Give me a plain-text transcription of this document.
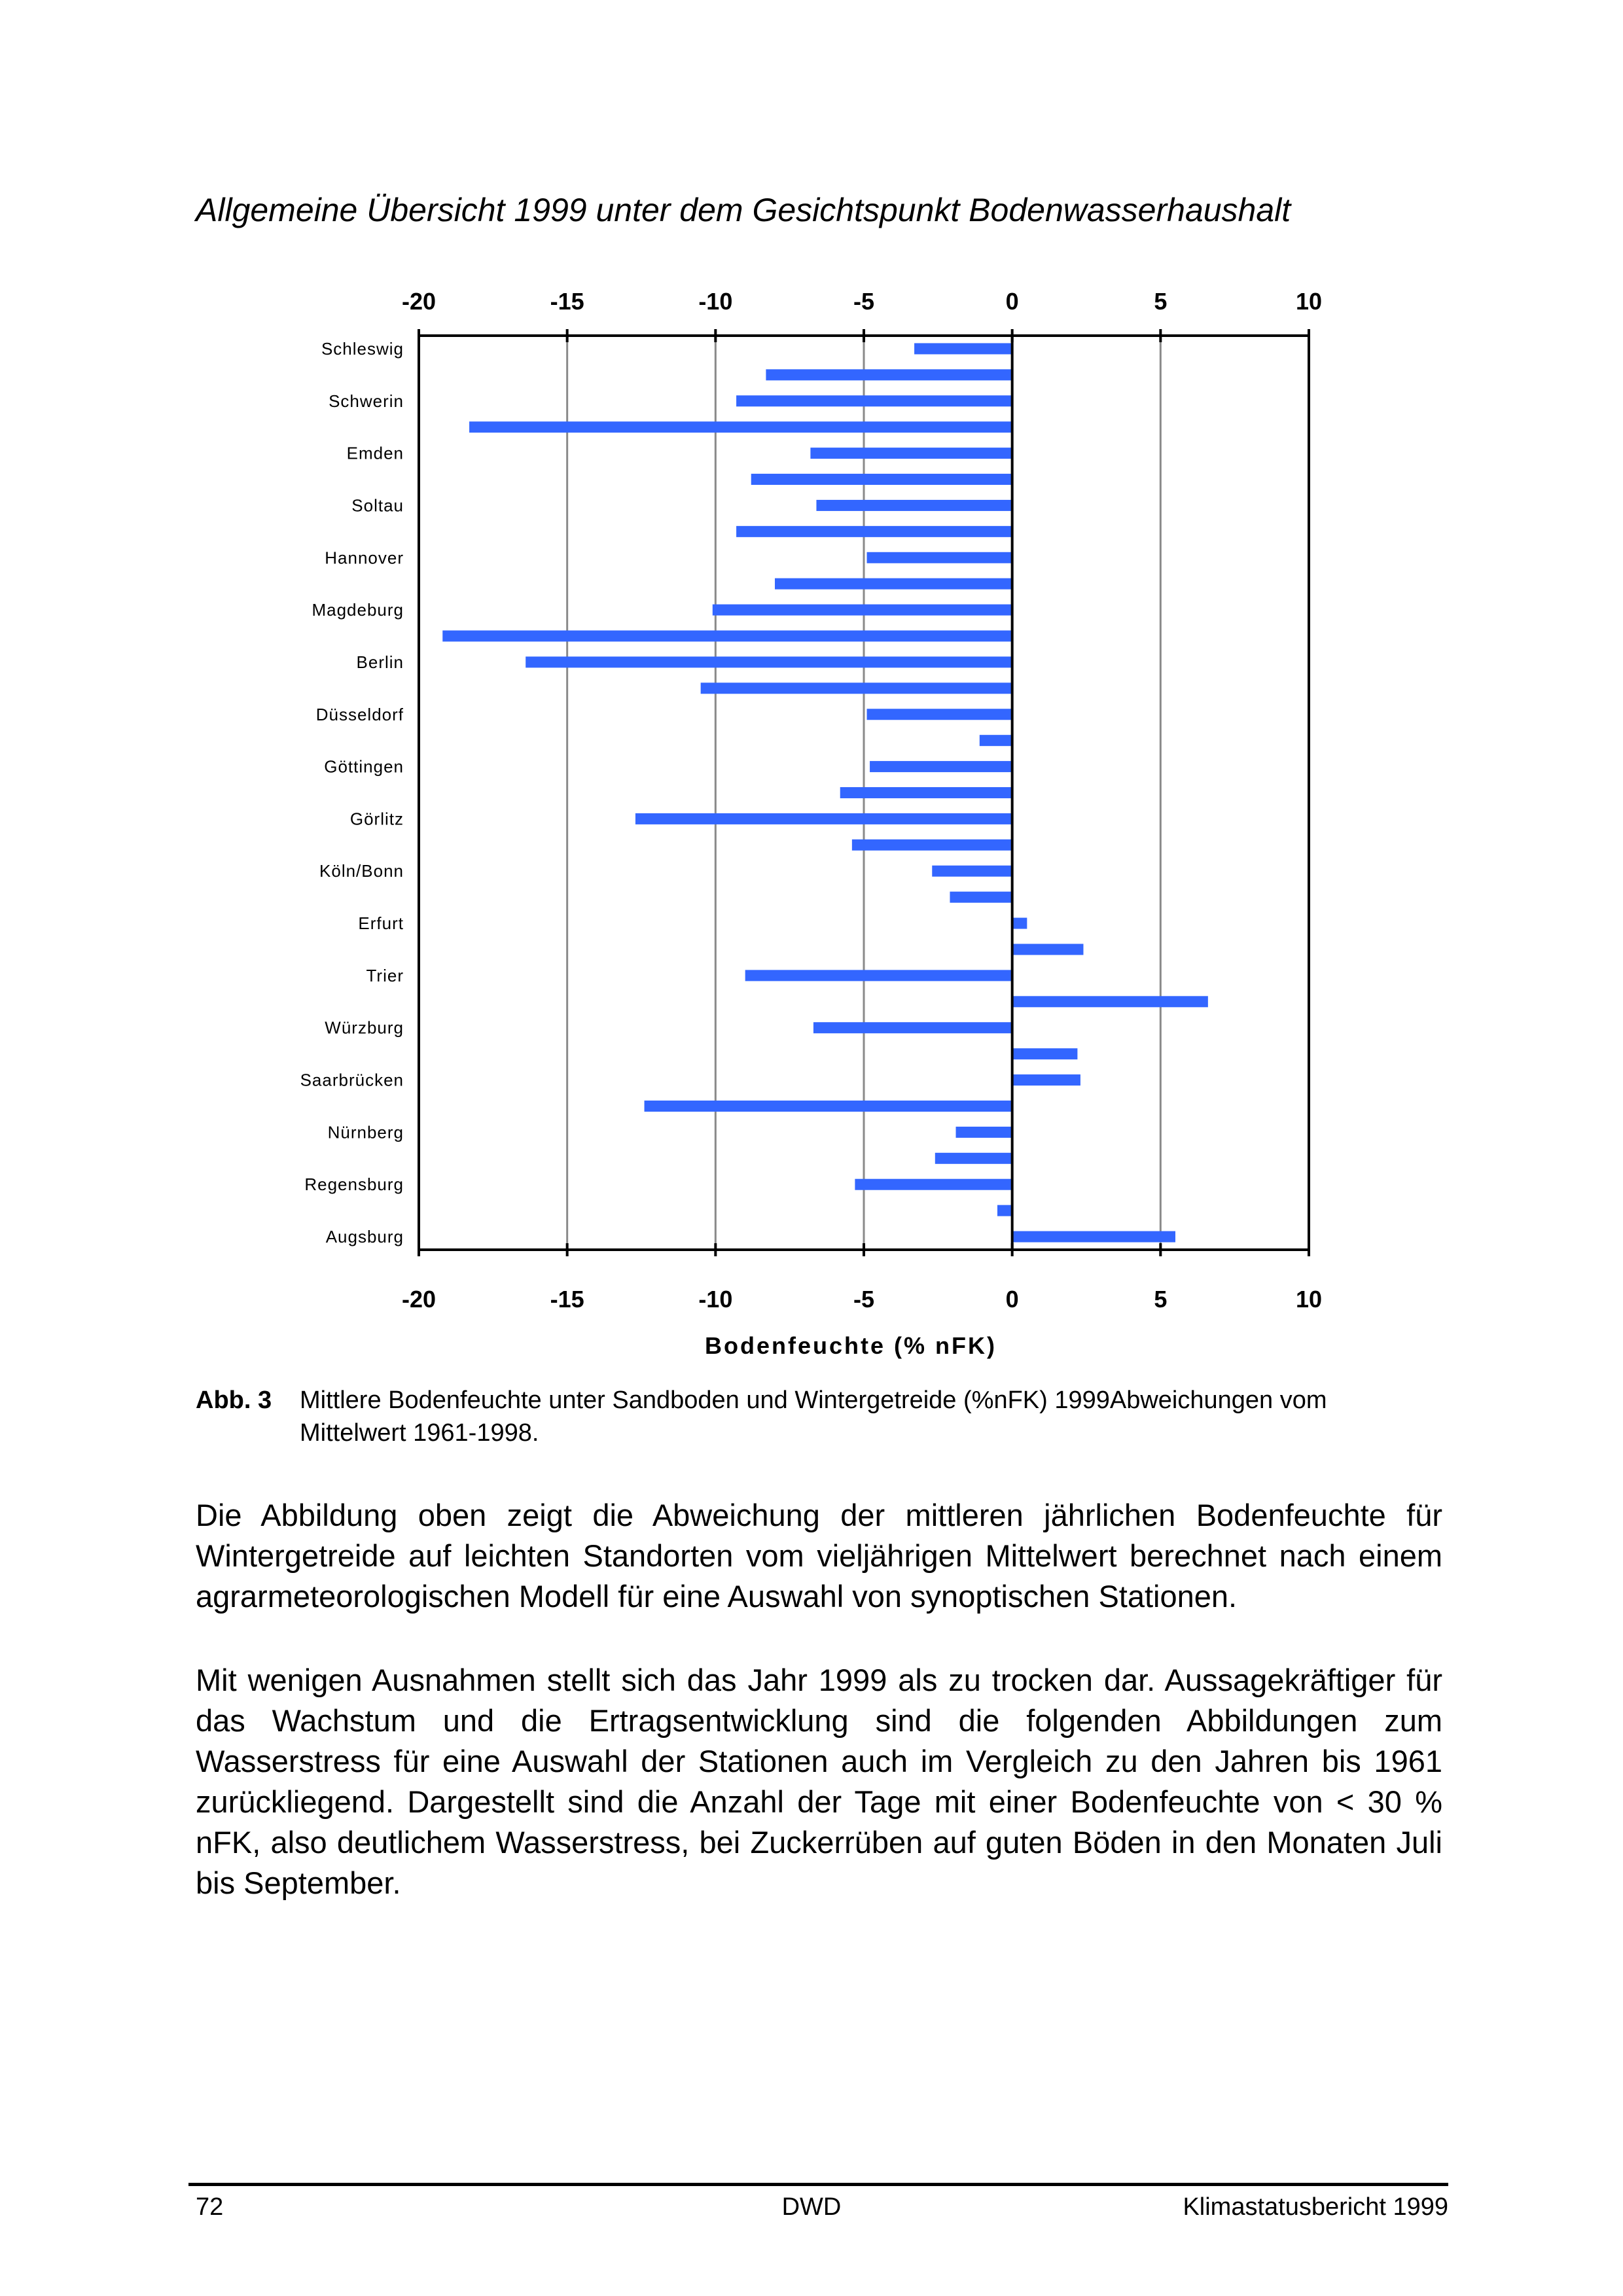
Allgemeine Übersicht 1999 unter dem Gesichtspunkt Bodenwasserhaushalt
-20
-20
-15
-15
-10
-10
-5
-5
0
0
5
5
10
10
Schleswig
Schwerin
Emden
Soltau
Hannover
Magdeburg
Berlin
Düsseldorf
Göttingen
Görlitz
Köln/Bonn
Erfurt
Trier
Würzburg
Saarbrücken
Nürnberg
Regensburg
Augsburg
Bodenfeuchte (% nFK)
Abb. 3 Mittlere Bodenfeuchte unter Sandboden und Wintergetreide (%nFK) 1999Abweichungen vom Mittelwert 1961-1998.

Die Abbildung oben zeigt die Abweichung der mittleren jährlichen Bodenfeuchte für Wintergetreide auf leichten Standorten vom vieljährigen Mittelwert berechnet nach einem agrarmeteorologischen Modell für eine Auswahl von synoptischen Stationen.

Mit wenigen Ausnahmen stellt sich das Jahr 1999 als zu trocken dar. Aussagekräftiger für das Wachstum und die Ertragsentwicklung sind die folgenden Abbildungen zum Wasserstress für eine Auswahl der Stationen auch im Vergleich zu den Jahren bis 1961 zurückliegend. Dargestellt sind die Anzahl der Tage mit einer Bodenfeuchte von < 30 % nFK, also deutlichem Wasserstress, bei Zuckerrüben auf guten Böden in den Monaten Juli bis September.

72	DWD	Klimastatusbericht 1999
